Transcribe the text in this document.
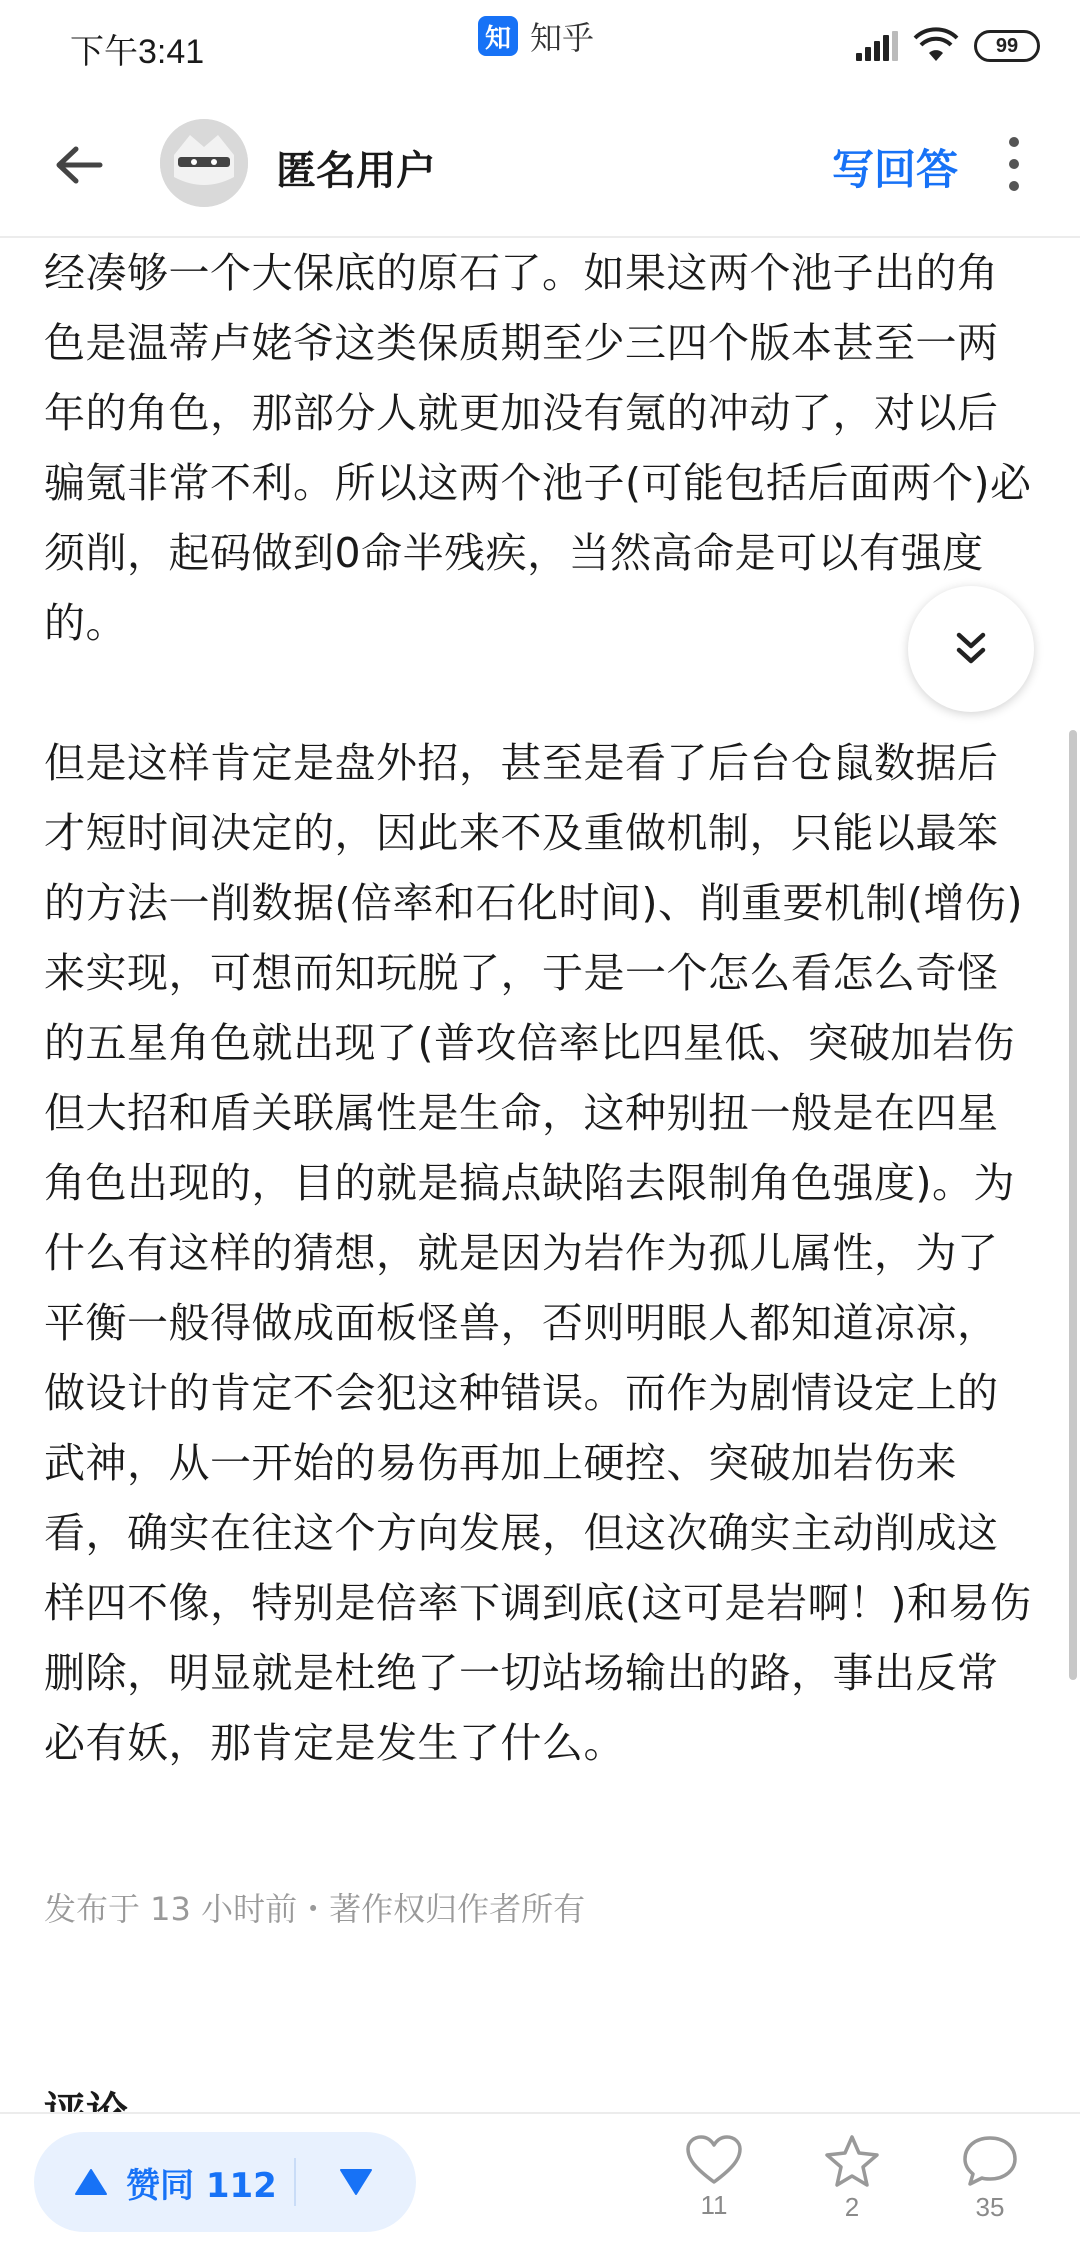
下午3:41	知 知乎	99
匿名用户	写回答

经凑够一个大保底的原石了。如果这两个池子出的角色是温蒂卢姥爷这类保质期至少三四个版本甚至一两年的角色，那部分人就更加没有氪的冲动了，对以后骗氪非常不利。所以这两个池子(可能包括后面两个)必须削，起码做到0命半残疾，当然高命是可以有强度的。

但是这样肯定是盘外招，甚至是看了后台仓鼠数据后才短时间决定的，因此来不及重做机制，只能以最笨的方法一削数据(倍率和石化时间)、削重要机制(增伤)来实现，可想而知玩脱了，于是一个怎么看怎么奇怪的五星角色就出现了(普攻倍率比四星低、突破加岩伤但大招和盾关联属性是生命，这种别扭一般是在四星角色出现的，目的就是搞点缺陷去限制角色强度)。为什么有这样的猜想，就是因为岩作为孤儿属性，为了平衡一般得做成面板怪兽，否则明眼人都知道凉凉，做设计的肯定不会犯这种错误。而作为剧情设定上的武神，从一开始的易伤再加上硬控、突破加岩伤来看，确实在往这个方向发展，但这次确实主动削成这样四不像，特别是倍率下调到底(这可是岩啊！)和易伤删除，明显就是杜绝了一切站场输出的路，事出反常必有妖，那肯定是发生了什么。

发布于 13 小时前・著作权归作者所有
赞同 112	11	2	35
